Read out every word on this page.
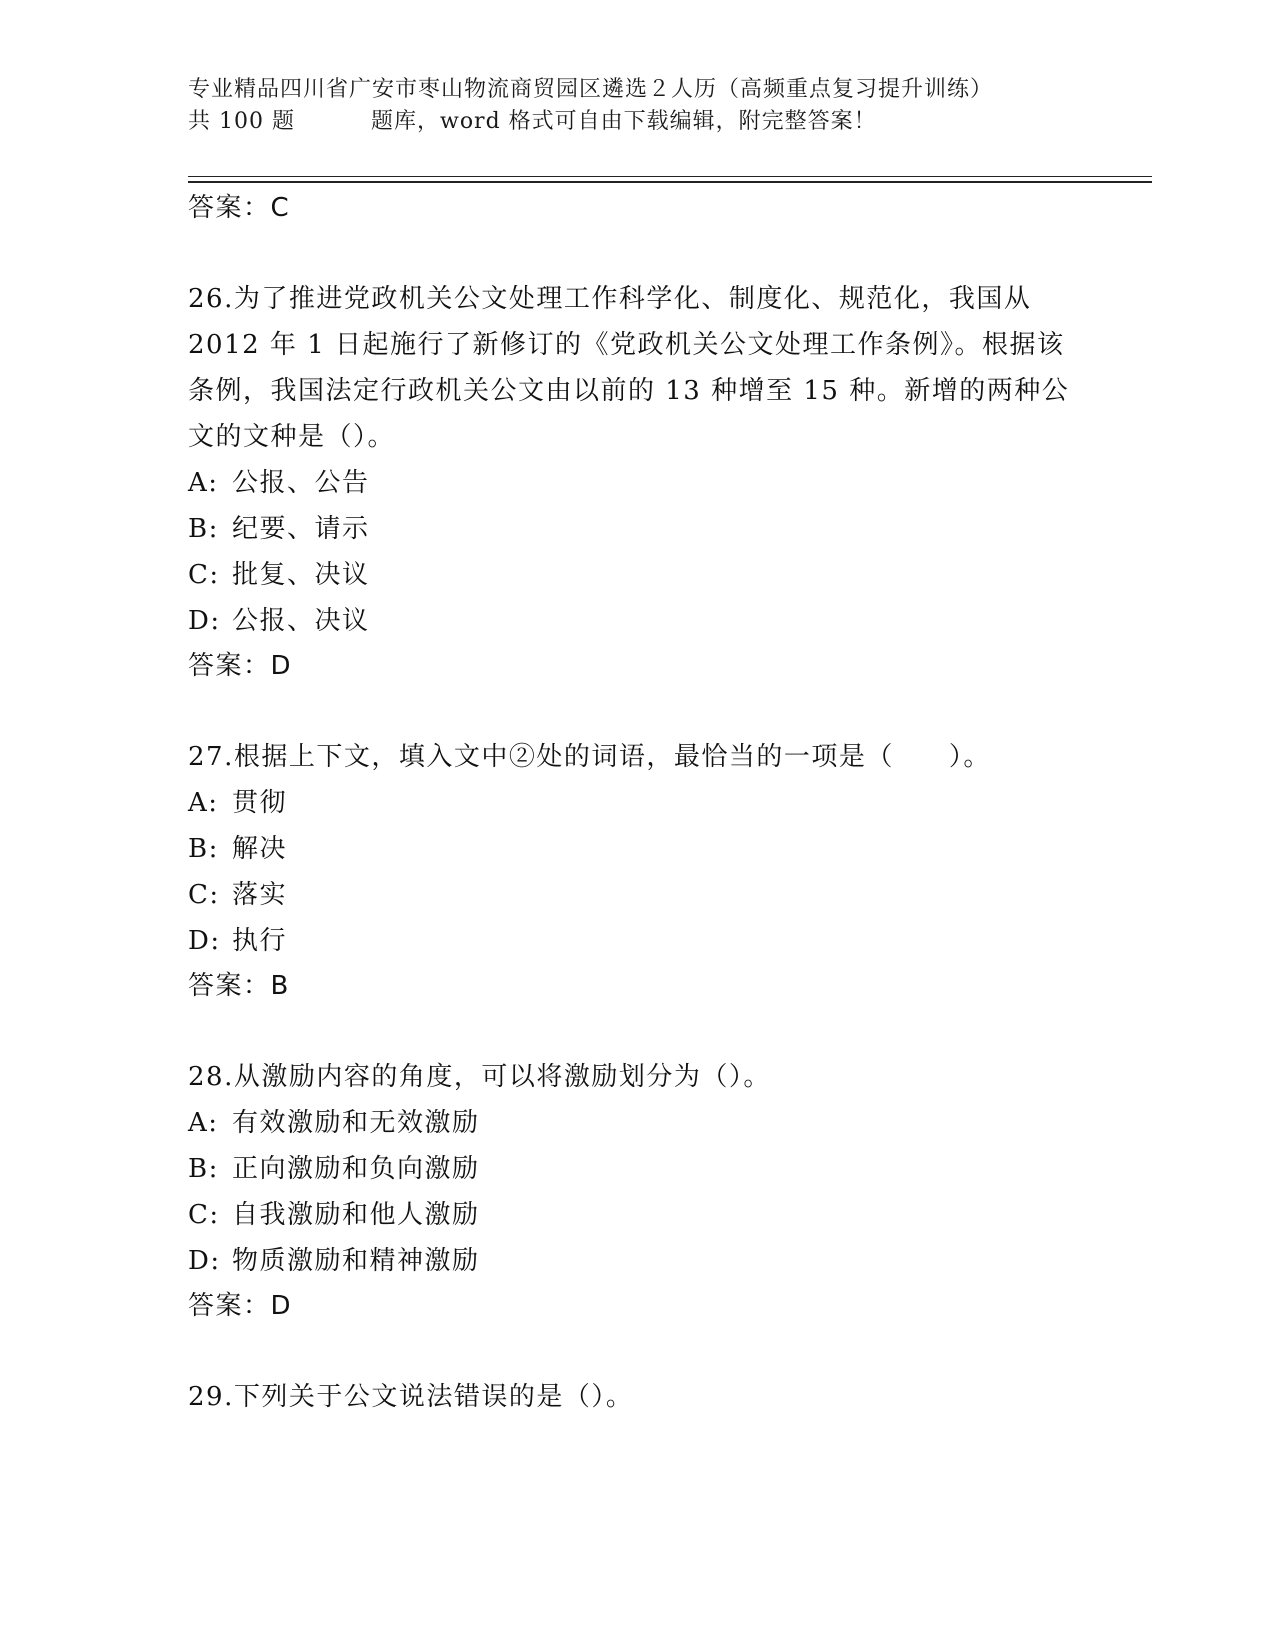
专业精品四川省广安市枣山物流商贸园区遴选２人历（高频重点复习提升训练）
共 100 题	题库，word 格式可自由下载编辑，附完整答案！
答案：C
26.为了推进党政机关公文处理工作科学化、制度化、规范化，我国从 2012 年 1 日起施行了新修订的《党政机关公文处理工作条例》。根据该条例，我国法定行政机关公文由以前的 13 种增至 15 种。新增的两种公文的文种是（）。
A: 公报、公告
B: 纪要、请示
C: 批复、决议
D: 公报、决议
答案：D
27.根据上下文，填入文中②处的词语，最恰当的一项是（　　）。
A: 贯彻
B: 解决
C: 落实
D: 执行
答案：B
28.从激励内容的角度，可以将激励划分为（）。
A: 有效激励和无效激励
B: 正向激励和负向激励
C: 自我激励和他人激励
D: 物质激励和精神激励
答案：D
29.下列关于公文说法错误的是（）。
